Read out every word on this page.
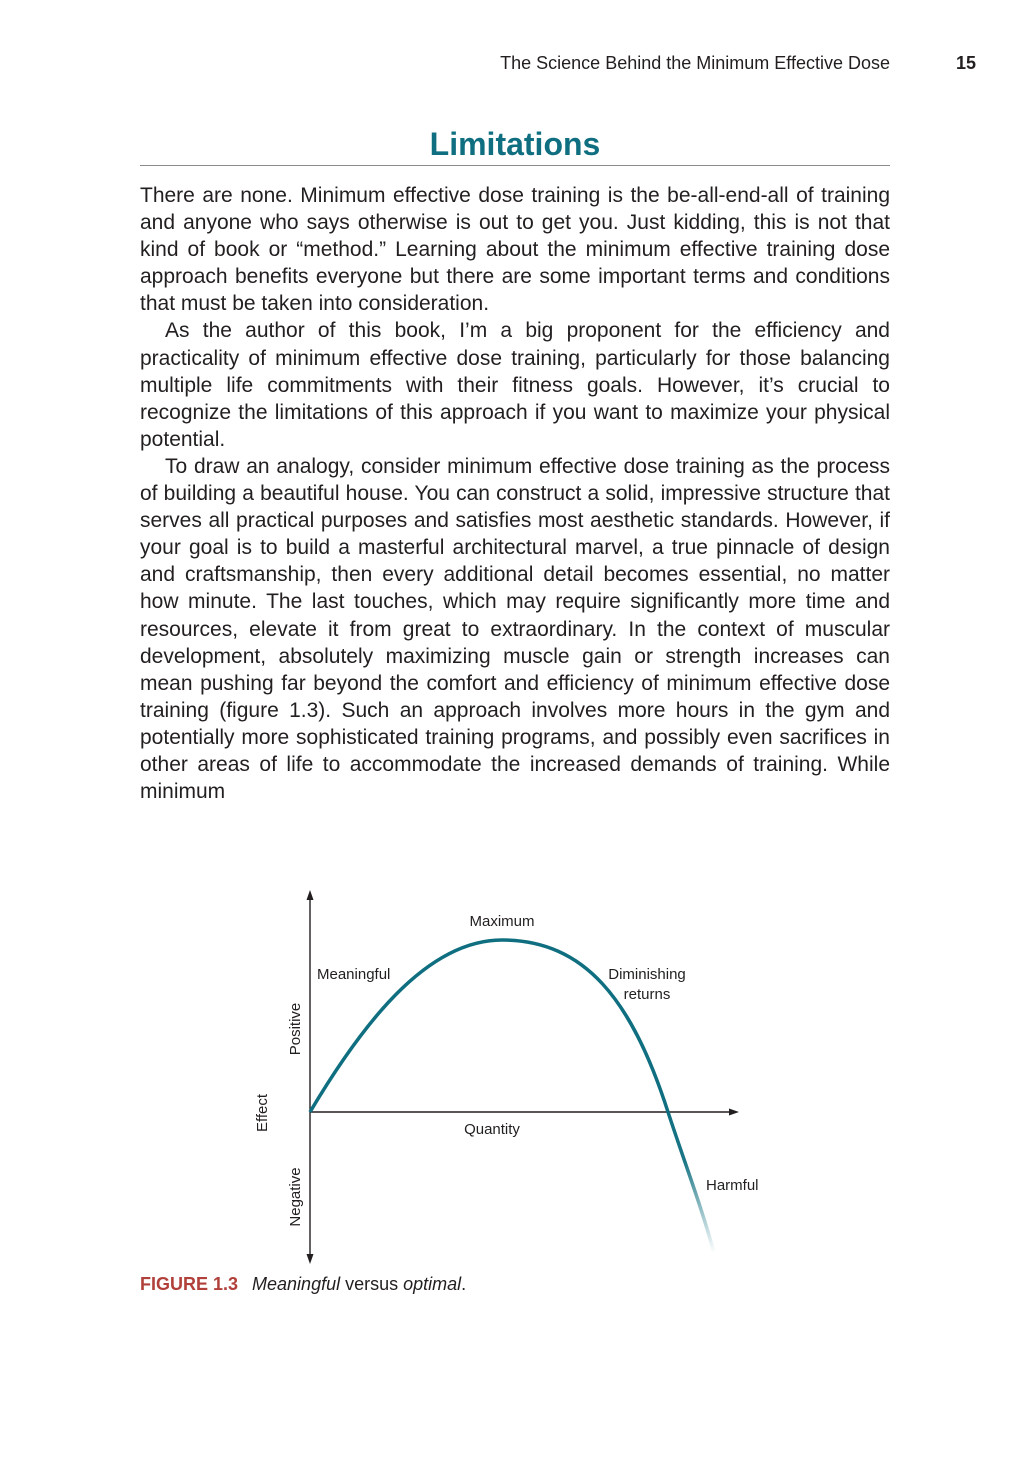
The Science Behind the Minimum Effective Dose	15
Limitations

There are none. Minimum effective dose training is the be-all-end-all of training and anyone who says otherwise is out to get you. Just kidding, this is not that kind of book or “method.” Learning about the minimum effective training dose approach benefits everyone but there are some important terms and conditions that must be taken into consideration.

As the author of this book, I’m a big proponent for the efficiency and practicality of minimum effective dose training, particularly for those balancing multiple life commitments with their fitness goals. However, it’s crucial to recognize the limitations of this approach if you want to maximize your physical potential.

To draw an analogy, consider minimum effective dose training as the process of building a beautiful house. You can construct a solid, impressive structure that serves all practical purposes and satisfies most aesthetic standards. However, if your goal is to build a masterful architectural marvel, a true pinnacle of design and craftsmanship, then every additional detail becomes essential, no matter how minute. The last touches, which may require significantly more time and resources, elevate it from great to extraordinary. In the context of muscular development, absolutely maximizing muscle gain or strength increases can mean pushing far beyond the comfort and efficiency of minimum effective dose training (figure 1.3). Such an approach involves more hours in the gym and potentially more sophisticated training programs, and possibly even sacrifices in other areas of life to accommodate the increased demands of training. While minimum

Maximum
Meaningful	Diminishing
returns
Quantity
Harmful
Effect
Positive
Negative
FIGURE 1.3 Meaningful versus optimal.
